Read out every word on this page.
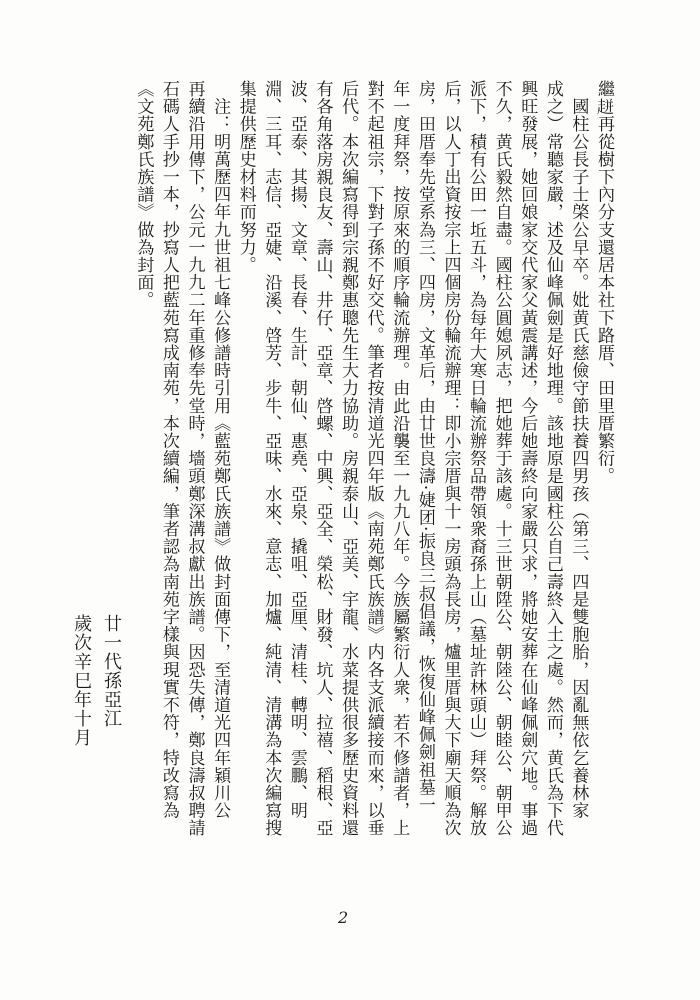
繼𧻓再從樹下內分支還居本社下路厝、田里厝繁衍。

　國柱公長子士棨公早卒。妣黄氏慈儉守節扶養四男孩（第三、四是雙胞胎，因亂無依乞養林家

成之）常聽家嚴，述及仙峰佩劍是好地理。該地原是國柱公自己壽終入土之處。然而，黄氏為下代

興旺發展，她回娘家交代家父黃震講述，今后她壽終向家嚴只求，將她安葬在仙峰佩劍穴地。事過

不久，黄氏毅然自盡。國柱公圓媳夙志，把她葬于該處。十三世朝陞公、朝陸公、朝睦公、朝甲公

派下，積有公田一坵五斗，為每年大寒日輪流辦祭品帶領衆裔孫上山（墓址許林頭山）拜祭。解放

后，以人丁出資按宗上四個房份輪流辦理：即小宗厝與十一房頭為長房，爐里厝與大下廟天順為次

房，田厝奉先堂系為三、四房，文革后，由廿世良濤·婕团·振良三叔倡議，恢復仙峰佩劍祖墓一

年一度拜祭，按原來的順序輪流辦理。由此沿襲至一九九八年。今族屬繁衍人衆，若不修譜者，上

對不起祖宗，下對子孫不好交代。筆者按清道光四年版《南苑鄭氏族譜》内各支派續接而來，以垂

后代。本次編寫得到宗親鄭惠聰先生大力協助。房親泰山、亞美、宇龍、水菜提供很多歷史資料還

有各角落房親良友、壽山、井仔、亞章、啓螺、中興、亞全、榮松、財發、坑人、拉禧、稻根、亞

波、亞泰、其揚、文章、長春、生計、朝仙、惠堯、亞泉、撬咀、亞厘、清桂、轉明、雲鵬、明

淵、三耳、志信、亞婕、沿溪、啓芳、步牛、亞味、水來、意志、加爐、純清、清溝為本次編寫搜

集提供歷史材料而努力。

　注：明萬歷四年九世祖七峰公修譜時引用《藍苑鄭氏族譜》做封面傳下，至清道光四年穎川公

再續沿用傳下，公元一九九二年重修奉先堂時，墻頭鄭深溝叔獻出族譜。因恐失傳，鄭良濤叔聘請

石碼人手抄一本，抄寫人把藍苑寫成南苑，本次續編，筆者認為南苑字樣與現實不符，特改寫為

《文苑鄭氏族譜》做為封面。

廿一代孫亞江
歲次辛巳年十月
2
